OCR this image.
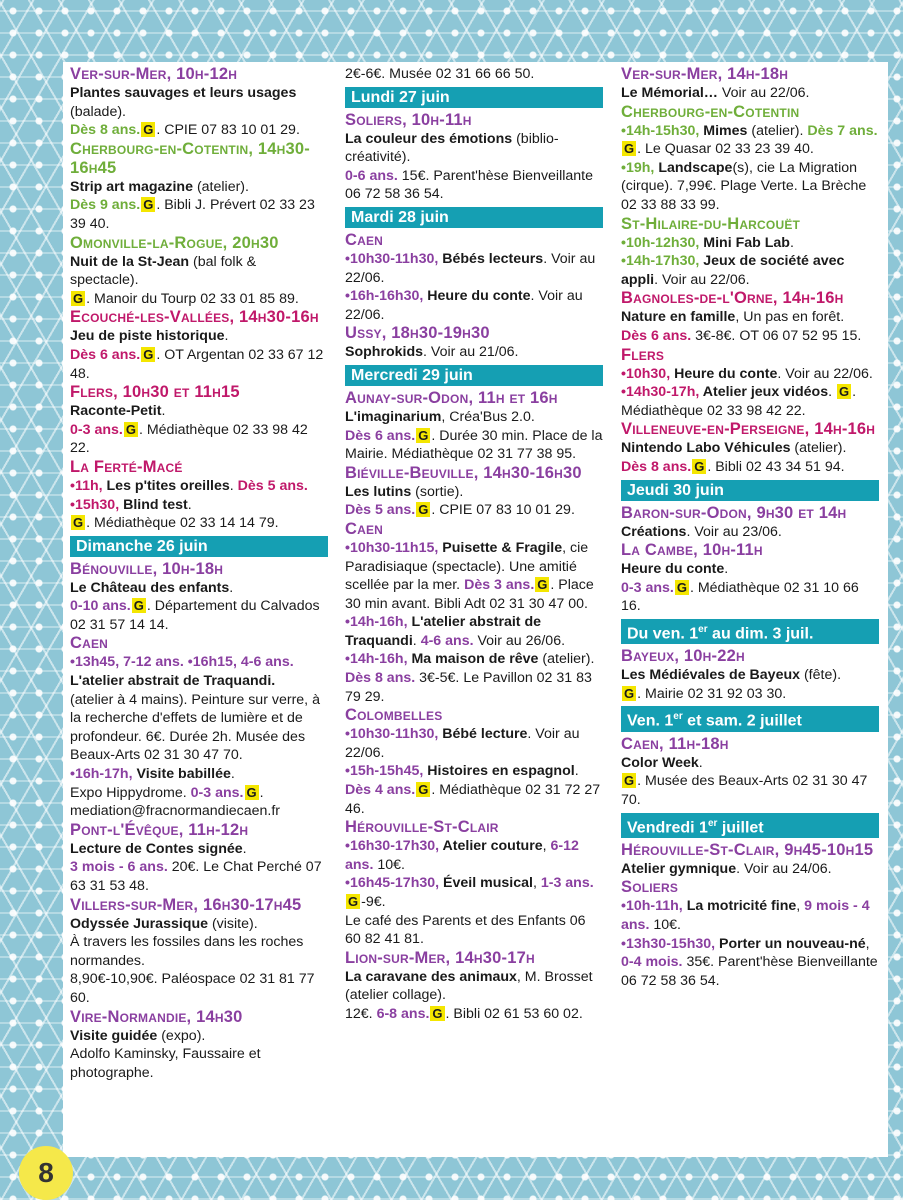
Ver-sur-Mer, 10h-12h
Plantes sauvages et leurs usages
(balade).
Dès 8 ans. G . CPIE 07 83 10 01 29.
Cherbourg-en-Cotentin, 14h30-16h45
Strip art magazine (atelier).
Dès 9 ans. G . Bibli J. Prévert 02 33 23 39 40.
Omonville-la-Rogue, 20h30
Nuit de la St-Jean (bal folk & spectacle).
G . Manoir du Tourp 02 33 01 85 89.
Ecouché-les-Vallées, 14h30-16h
Jeu de piste historique.
Dès 6 ans. G . OT Argentan 02 33 67 12 48.
Flers, 10h30 et 11h15
Raconte-Petit.
0-3 ans. G . Médiathèque 02 33 98 42 22.
La Ferté-Macé
•11h, Les p'tites oreilles. Dès 5 ans.
•15h30, Blind test.
G . Médiathèque 02 33 14 14 79.
Dimanche 26 juin
Bénouville, 10h-18h
Le Château des enfants.
0-10 ans. G . Département du Calvados 02 31 57 14 14.
Caen
•13h45, 7-12 ans. •16h15, 4-6 ans.
L'atelier abstrait de Traquandi.
(atelier à 4 mains). Peinture sur verre, à la recherche d'effets de lumière et de profondeur. 6€. Durée 2h. Musée des Beaux-Arts 02 31 30 47 70.
•16h-17h, Visite babillée.
Expo Hippydrome. 0-3 ans. G .
mediation@fracnormandiecaen.fr
Pont-l'Évêque, 11h-12h
Lecture de Contes signée.
3 mois - 6 ans. 20€. Le Chat Perché 07 63 31 53 48.
Villers-sur-Mer, 16h30-17h45
Odyssée Jurassique (visite).
À travers les fossiles dans les roches normandes.
8,90€-10,90€. Paléospace 02 31 81 77 60.
Vire-Normandie, 14h30
Visite guidée (expo).
Adolfo Kaminsky, Faussaire et photographe.
2€-6€. Musée 02 31 66 66 50.
Lundi 27 juin
Soliers, 10h-11h
La couleur des émotions (biblio-créativité).
0-6 ans. 15€. Parent'hèse Bienveillante 06 72 58 36 54.
Mardi 28 juin
Caen
•10h30-11h30, Bébés lecteurs. Voir au 22/06.
•16h-16h30, Heure du conte. Voir au 22/06.
Ussy, 18h30-19h30
Sophrokids. Voir au 21/06.
Mercredi 29 juin
Aunay-sur-Odon, 11h et 16h
L'imaginarium, Créa'Bus 2.0.
Dès 6 ans. G . Durée 30 min. Place de la Mairie. Médiathèque 02 31 77 38 95.
Biéville-Beuville, 14h30-16h30
Les lutins (sortie).
Dès 5 ans. G . CPIE 07 83 10 01 29.
Caen
•10h30-11h15, Puisette & Fragile, cie Paradisiaque (spectacle). Une amitié scellée par la mer. Dès 3 ans. G . Place 30 min avant. Bibli Adt 02 31 30 47 00.
•14h-16h, L'atelier abstrait de Traquandi. 4-6 ans. Voir au 26/06.
•14h-16h, Ma maison de rêve (atelier). Dès 8 ans. 3€-5€. Le Pavillon 02 31 83 79 29.
Colombelles
•10h30-11h30, Bébé lecture. Voir au 22/06.
•15h-15h45, Histoires en espagnol. Dès 4 ans. G . Médiathèque 02 31 72 27 46.
Hérouville-St-Clair
•16h30-17h30, Atelier couture, 6-12 ans. 10€.
•16h45-17h30, Éveil musical, 1-3 ans.G -9€.
Le café des Parents et des Enfants 06 60 82 41 81.
Lion-sur-Mer, 14h30-17h
La caravane des animaux, M. Brosset (atelier collage).
12€. 6-8 ans. G . Bibli 02 61 53 60 02.
Ver-sur-Mer, 14h-18h
Le Mémorial… Voir au 22/06.
Cherbourg-en-Cotentin
•14h-15h30, Mimes (atelier). Dès 7 ans.G . Le Quasar 02 33 23 39 40.
•19h, Landscape(s), cie La Migration (cirque). 7,99€. Plage Verte. La Brèche 02 33 88 33 99.
St-Hilaire-du-Harcouët
•10h-12h30, Mini Fab Lab.
•14h-17h30, Jeux de société avec appli. Voir au 22/06.
Bagnoles-de-l'Orne, 14h-16h
Nature en famille, Un pas en forêt.
Dès 6 ans. 3€-8€. OT 06 07 52 95 15.
Flers
•10h30, Heure du conte. Voir au 22/06.
•14h30-17h, Atelier jeux vidéos. G . Médiathèque 02 33 98 42 22.
Villeneuve-en-Perseigne, 14h-16h
Nintendo Labo Véhicules (atelier).
Dès 8 ans. G . Bibli 02 43 34 51 94.
Jeudi 30 juin
Baron-sur-Odon, 9h30 et 14h
Créations. Voir au 23/06.
La Cambe, 10h-11h
Heure du conte.
0-3 ans. G . Médiathèque 02 31 10 66 16.
Du ven. 1er au dim. 3 juil.
Bayeux, 10h-22h
Les Médiévales de Bayeux (fête).
G . Mairie 02 31 92 03 30.
Ven. 1er et sam. 2 juillet
Caen, 11h-18h
Color Week.
G . Musée des Beaux-Arts 02 31 30 47 70.
Vendredi 1er juillet
Hérouville-St-Clair, 9h45-10h15
Atelier gymnique. Voir au 24/06.
Soliers
•10h-11h, La motricité fine, 9 mois - 4 ans. 10€.
•13h30-15h30, Porter un nouveau-né, 0-4 mois. 35€. Parent'hèse Bienveillante 06 72 58 36 54.
8
